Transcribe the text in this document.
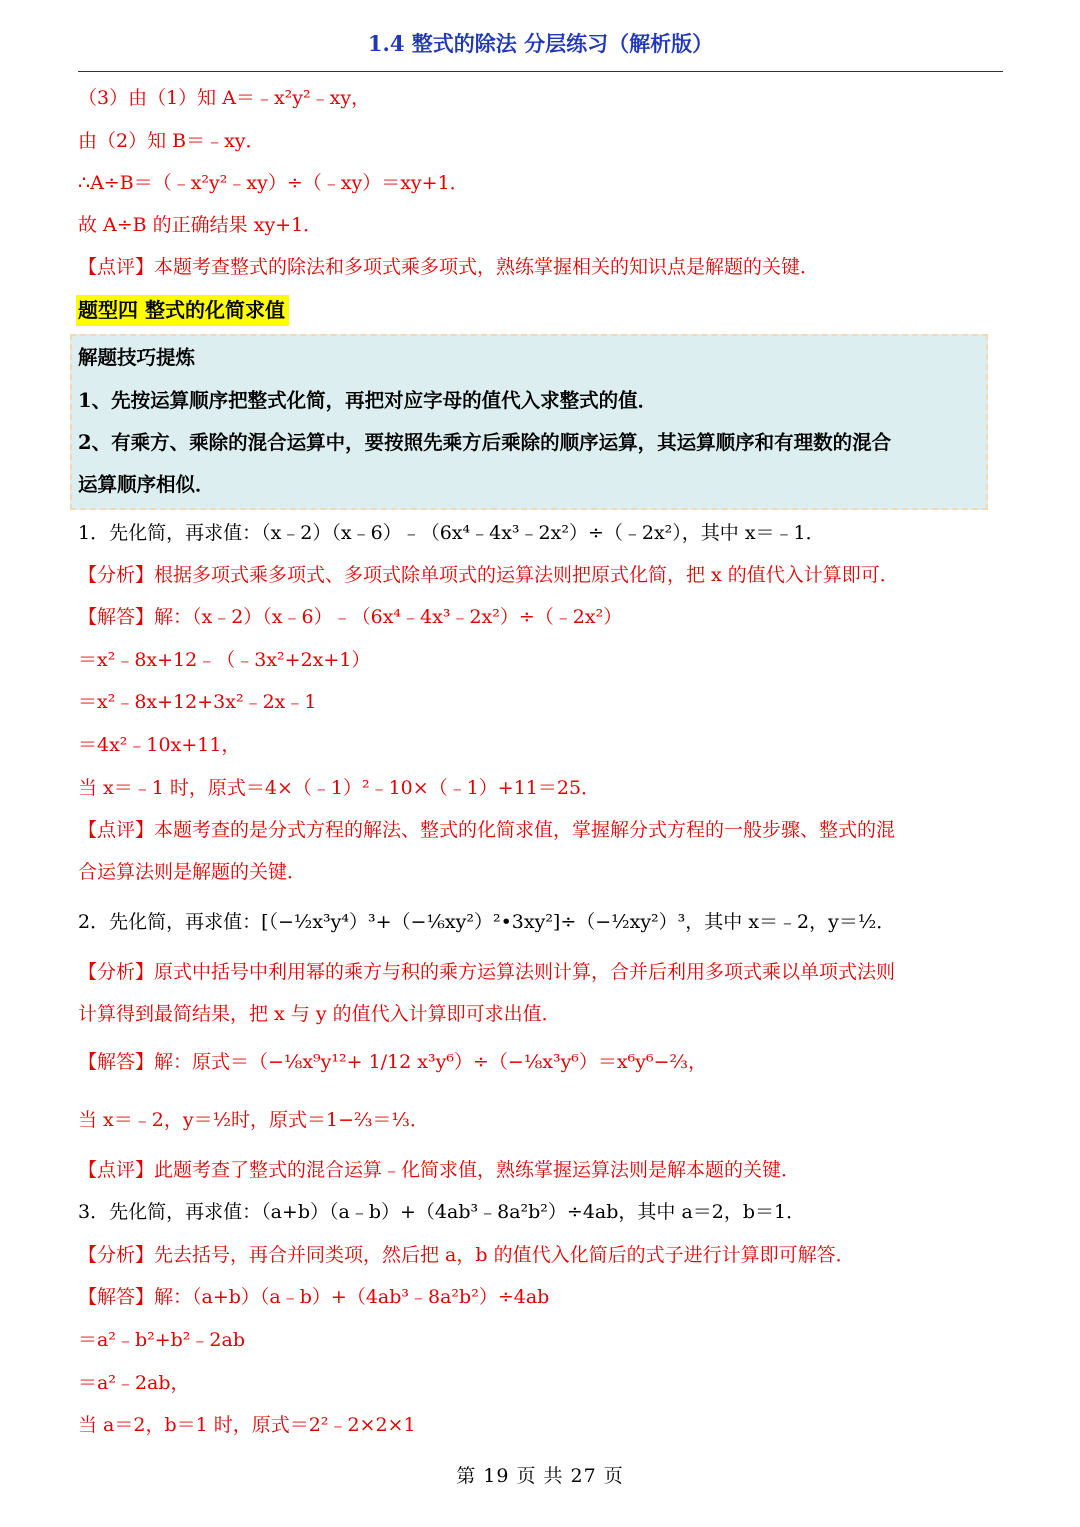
1.4 整式的除法 分层练习（解析版）
（3）由（1）知 A＝﹣x²y²﹣xy，
由（2）知 B＝﹣xy．
∴A÷B＝（﹣x²y²﹣xy）÷（﹣xy）＝xy+1．
故 A÷B 的正确结果 xy+1．
【点评】本题考查整式的除法和多项式乘多项式，熟练掌握相关的知识点是解题的关键．
题型四 整式的化简求值
解题技巧提炼
1、先按运算顺序把整式化简，再把对应字母的值代入求整式的值．
2、有乘方、乘除的混合运算中，要按照先乘方后乘除的顺序运算，其运算顺序和有理数的混合
运算顺序相似．
1．先化简，再求值：（x﹣2）（x﹣6）﹣（6x⁴﹣4x³﹣2x²）÷（﹣2x²），其中 x＝﹣1．
【分析】根据多项式乘多项式、多项式除单项式的运算法则把原式化简，把 x 的值代入计算即可．
【解答】解：（x﹣2）（x﹣6）﹣（6x⁴﹣4x³﹣2x²）÷（﹣2x²）
＝x²﹣8x+12﹣（﹣3x²+2x+1）
＝x²﹣8x+12+3x²﹣2x﹣1
＝4x²﹣10x+11，
当 x＝﹣1 时，原式＝4×（﹣1）²﹣10×（﹣1）+11＝25．
【点评】本题考查的是分式方程的解法、整式的化简求值，掌握解分式方程的一般步骤、整式的混
合运算法则是解题的关键．
2．先化简，再求值：[（−½x³y⁴）³+（−⅙xy²）²•3xy²]÷（−½xy²）³，其中 x＝﹣2，y＝½．
【分析】原式中括号中利用幂的乘方与积的乘方运算法则计算，合并后利用多项式乘以单项式法则
计算得到最简结果，把 x 与 y 的值代入计算即可求出值．
【解答】解：原式＝（−⅛x⁹y¹²+ 1/12 x³y⁶）÷（−⅛x³y⁶）＝x⁶y⁶−⅔，
当 x＝﹣2，y＝½时，原式＝1−⅔＝⅓．
【点评】此题考查了整式的混合运算﹣化简求值，熟练掌握运算法则是解本题的关键．
3．先化简，再求值：（a+b）（a﹣b）+（4ab³﹣8a²b²）÷4ab，其中 a＝2，b＝1．
【分析】先去括号，再合并同类项，然后把 a，b 的值代入化简后的式子进行计算即可解答．
【解答】解：（a+b）（a﹣b）+（4ab³﹣8a²b²）÷4ab
＝a²﹣b²+b²﹣2ab
＝a²﹣2ab，
当 a＝2，b＝1 时，原式＝2²﹣2×2×1
第 19 页 共 27 页
